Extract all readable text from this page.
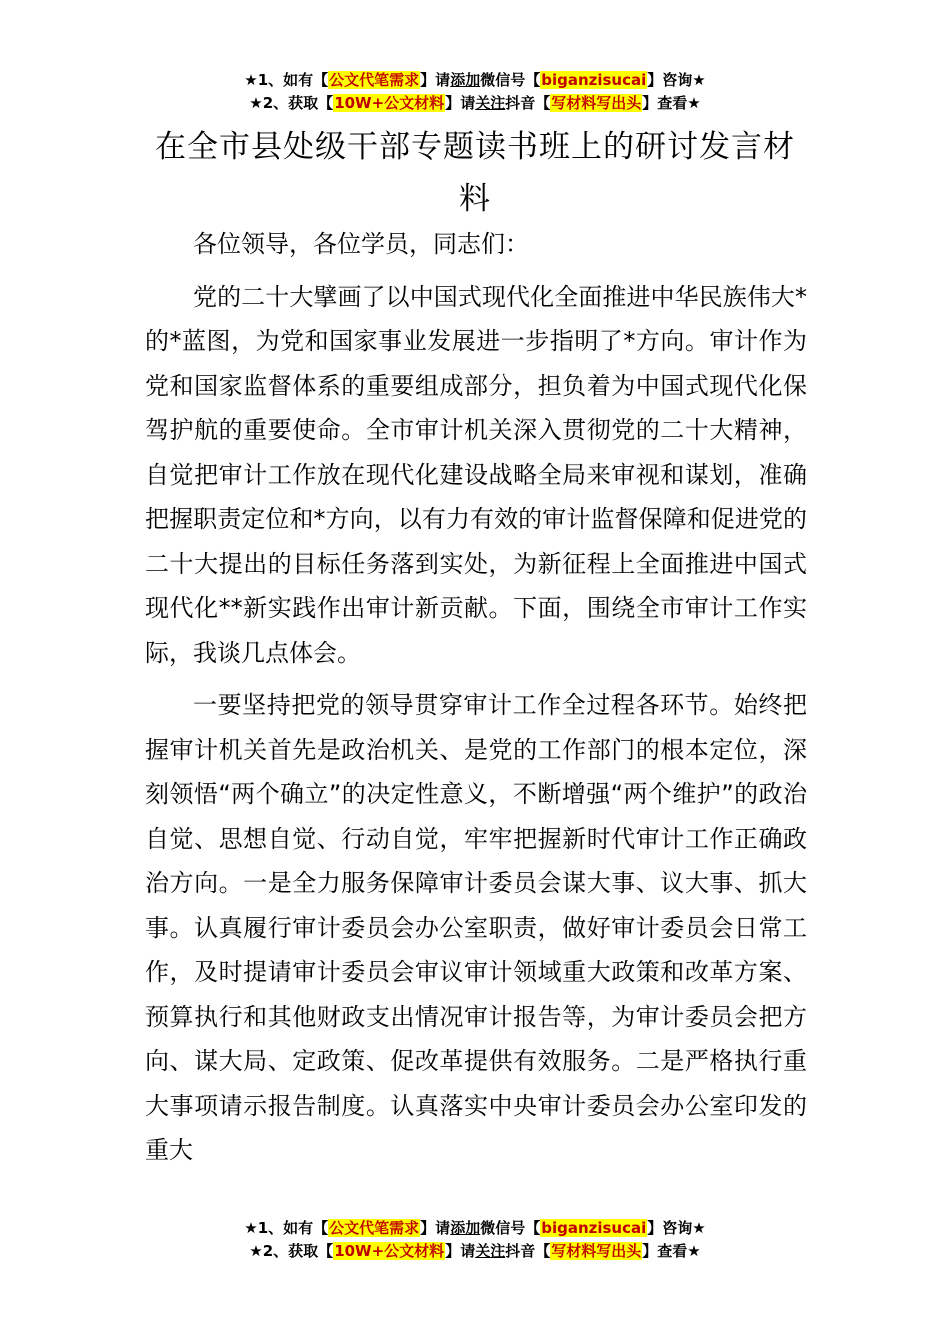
★1、如有【公文代笔需求】请添加微信号【biganzisucai】咨询★
★2、获取【10W+公文材料】请关注抖音【写材料写出头】查看★
在全市县处级干部专题读书班上的研讨发言材料

各位领导，各位学员，同志们：

党的二十大擘画了以中国式现代化全面推进中华民族伟大*的*蓝图，为党和国家事业发展进一步指明了*方向。审计作为党和国家监督体系的重要组成部分，担负着为中国式现代化保驾护航的重要使命。全市审计机关深入贯彻党的二十大精神，自觉把审计工作放在现代化建设战略全局来审视和谋划，准确把握职责定位和*方向，以有力有效的审计监督保障和促进党的二十大提出的目标任务落到实处，为新征程上全面推进中国式现代化**新实践作出审计新贡献。下面，围绕全市审计工作实际，我谈几点体会。

一要坚持把党的领导贯穿审计工作全过程各环节。始终把握审计机关首先是政治机关、是党的工作部门的根本定位，深刻领悟“两个确立”的决定性意义，不断增强“两个维护”的政治自觉、思想自觉、行动自觉，牢牢把握新时代审计工作正确政治方向。一是全力服务保障审计委员会谋大事、议大事、抓大事。认真履行审计委员会办公室职责，做好审计委员会日常工作，及时提请审计委员会审议审计领域重大政策和改革方案、预算执行和其他财政支出情况审计报告等，为审计委员会把方向、谋大局、定政策、促改革提供有效服务。二是严格执行重大事项请示报告制度。认真落实中央审计委员会办公室印发的重大

★1、如有【公文代笔需求】请添加微信号【biganzisucai】咨询★
★2、获取【10W+公文材料】请关注抖音【写材料写出头】查看★
